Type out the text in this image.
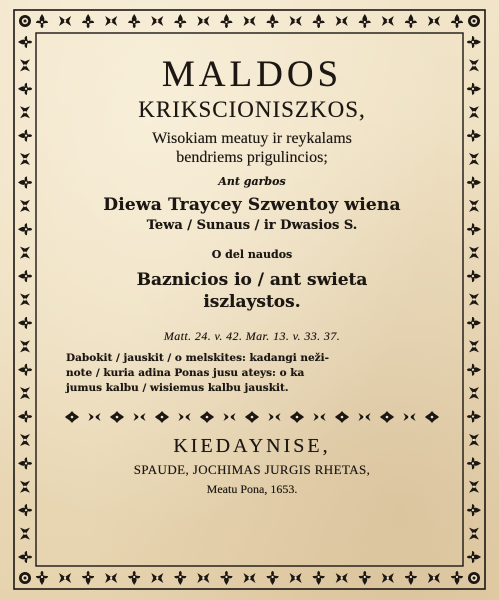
MALDOS
KRIKSCIONISZKOS,
Wisokiam meatuy ir reykalams
bendriems prigulincios;
Ant garbos
Diewa Traycey Szwentoy wiena
Tewa / Sunaus / ir Dwasios S.
O del naudos
Baznicios io / ant swieta
iszlaystos.
Matt. 24. v. 42. Mar. 13. v. 33. 37.
Dabokit / jauskit / o melskites: kadangi neži-
note / kuria adina Ponas jusu ateys: o ka
jumus kalbu / wisiemus kalbu jauskit.
KIEDAYNISE,
SPAUDE, JOCHIMAS JURGIS RHETAS,
Meatu Pona, 1653.
